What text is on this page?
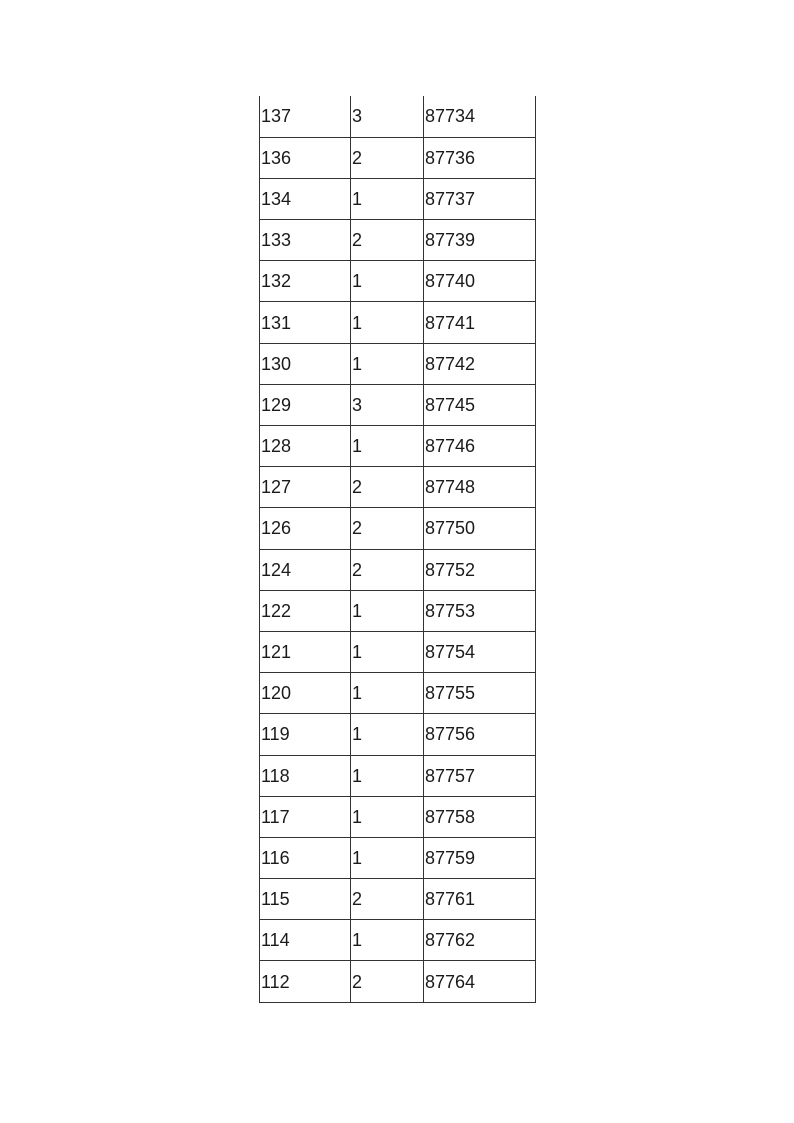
137	3	87734
136	2	87736
134	1	87737
133	2	87739
132	1	87740
131	1	87741
130	1	87742
129	3	87745
128	1	87746
127	2	87748
126	2	87750
124	2	87752
122	1	87753
121	1	87754
120	1	87755
119	1	87756
118	1	87757
117	1	87758
116	1	87759
115	2	87761
114	1	87762
112	2	87764
